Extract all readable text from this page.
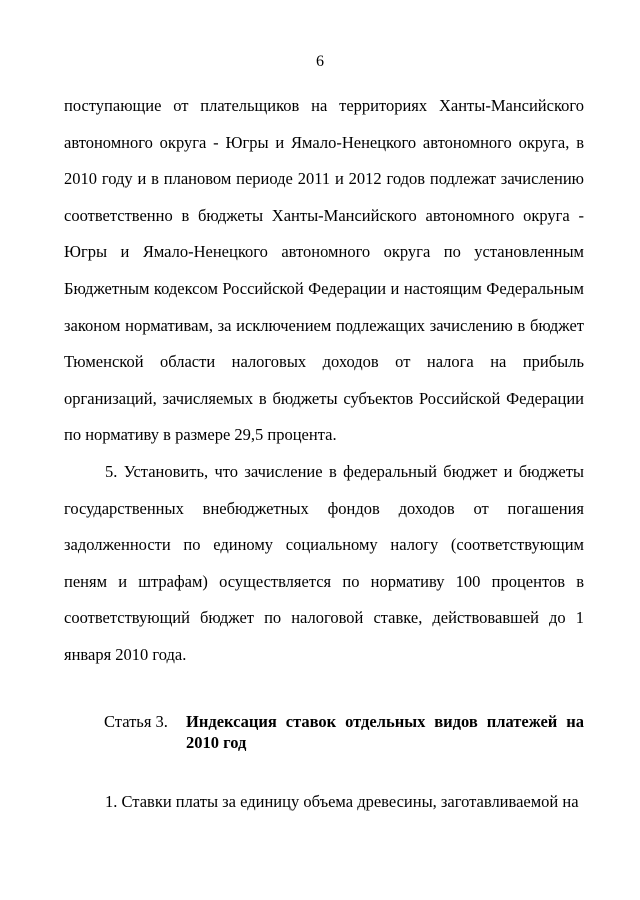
6

поступающие от плательщиков на территориях Ханты-Мансийского автономного округа - Югры и Ямало-Ненецкого автономного округа, в 2010 году и в плановом периоде 2011 и 2012 годов подлежат зачислению соответственно в бюджеты Ханты-Мансийского автономного округа - Югры и Ямало-Ненецкого автономного округа по установленным Бюджетным кодексом Российской Федерации и настоящим Федеральным законом нормативам, за исключением подлежащих зачислению в бюджет Тюменской области налоговых доходов от налога на прибыль организаций, зачисляемых в бюджеты субъектов Российской Федерации по нормативу в размере 29,5 процента.

5. Установить, что зачисление в федеральный бюджет и бюджеты государственных внебюджетных фондов доходов от погашения задолженности по единому социальному налогу (соответствующим пеням и штрафам) осуществляется по нормативу 100 процентов в соответствующий бюджет по налоговой ставке, действовавшей до 1 января 2010 года.

Статья 3. Индексация ставок отдельных видов платежей на 2010 год

1. Ставки платы за единицу объема древесины, заготавливаемой на
